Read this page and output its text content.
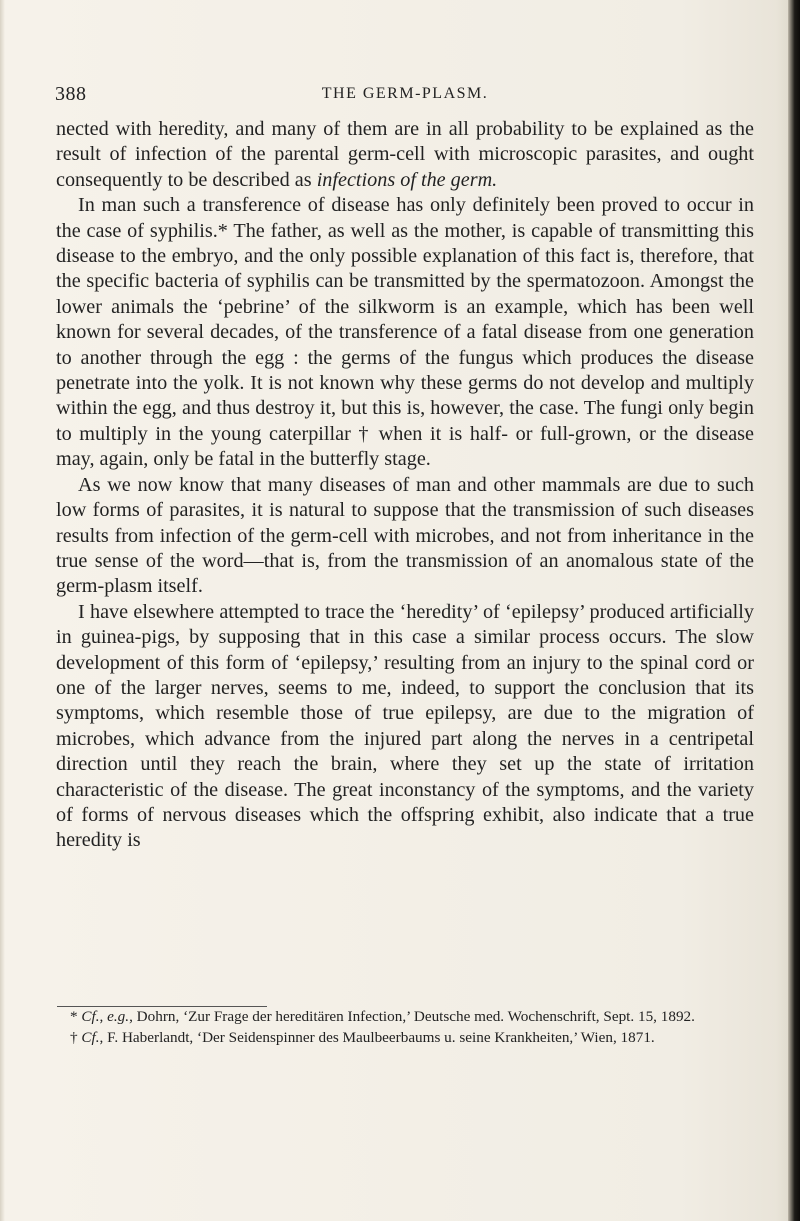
388	THE GERM-PLASM.

nected with heredity, and many of them are in all probability to be explained as the result of infection of the parental germ-cell with microscopic parasites, and ought consequently to be described as infections of the germ.

In man such a transference of disease has only definitely been proved to occur in the case of syphilis.* The father, as well as the mother, is capable of transmitting this disease to the embryo, and the only possible explanation of this fact is, therefore, that the specific bacteria of syphilis can be transmitted by the spermatozoon. Amongst the lower animals the ‘pebrine’ of the silkworm is an example, which has been well known for several decades, of the transference of a fatal disease from one generation to another through the egg : the germs of the fungus which produces the disease penetrate into the yolk. It is not known why these germs do not develop and multiply within the egg, and thus destroy it, but this is, however, the case. The fungi only begin to multiply in the young caterpillar † when it is half- or full-grown, or the disease may, again, only be fatal in the butterfly stage.

As we now know that many diseases of man and other mammals are due to such low forms of parasites, it is natural to suppose that the transmission of such diseases results from infection of the germ-cell with microbes, and not from inheritance in the true sense of the word—that is, from the transmission of an anomalous state of the germ-plasm itself.

I have elsewhere attempted to trace the ‘heredity’ of ‘epilepsy’ produced artificially in guinea-pigs, by supposing that in this case a similar process occurs. The slow development of this form of ‘epilepsy,’ resulting from an injury to the spinal cord or one of the larger nerves, seems to me, indeed, to support the conclusion that its symptoms, which resemble those of true epilepsy, are due to the migration of microbes, which advance from the injured part along the nerves in a centripetal direction until they reach the brain, where they set up the state of irritation characteristic of the disease. The great inconstancy of the symptoms, and the variety of forms of nervous diseases which the offspring exhibit, also indicate that a true heredity is

* Cf., e.g., Dohrn, ‘Zur Frage der hereditären Infection,’ Deutsche med. Wochenschrift, Sept. 15, 1892.

† Cf., F. Haberlandt, ‘Der Seidenspinner des Maulbeerbaums u. seine Krankheiten,’ Wien, 1871.
